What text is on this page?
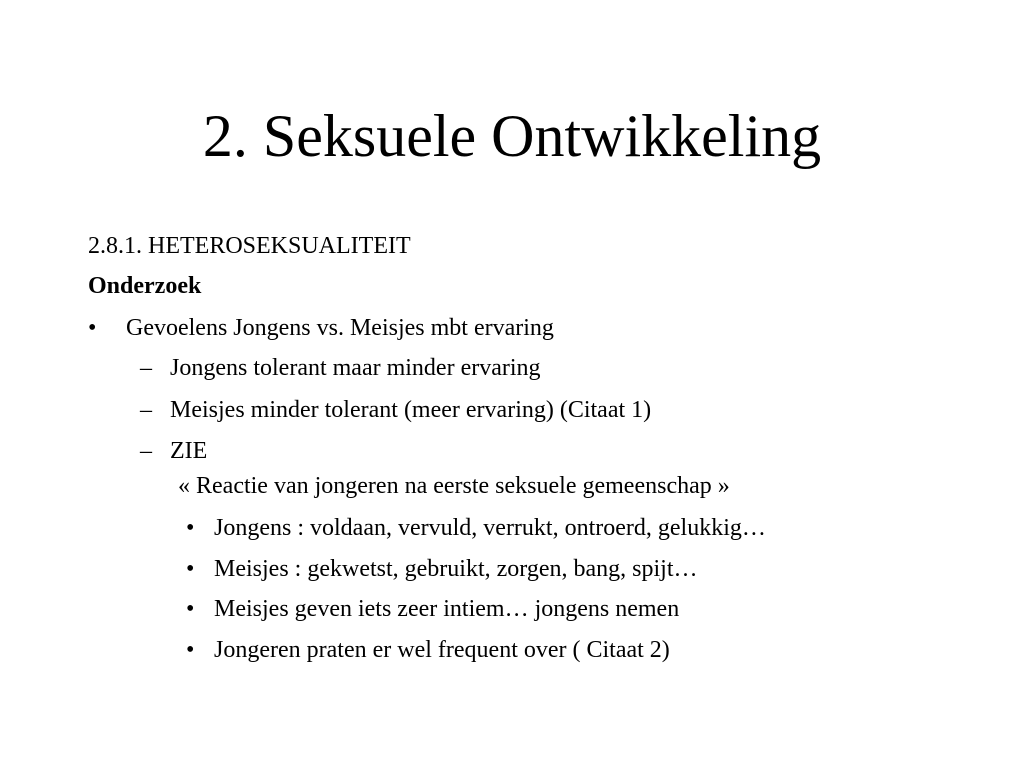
2. Seksuele Ontwikkeling
2.8.1. HETEROSEKSUALITEIT
Onderzoek
• Gevoelens Jongens vs. Meisjes mbt ervaring
– Jongens tolerant maar minder ervaring
– Meisjes minder tolerant (meer ervaring) (Citaat 1)
– ZIE
« Reactie van jongeren na eerste seksuele gemeenschap »
• Jongens : voldaan, vervuld, verrukt, ontroerd, gelukkig…
• Meisjes : gekwetst, gebruikt, zorgen, bang, spijt…
• Meisjes geven iets zeer intiem… jongens nemen
• Jongeren praten er wel frequent over ( Citaat 2)
